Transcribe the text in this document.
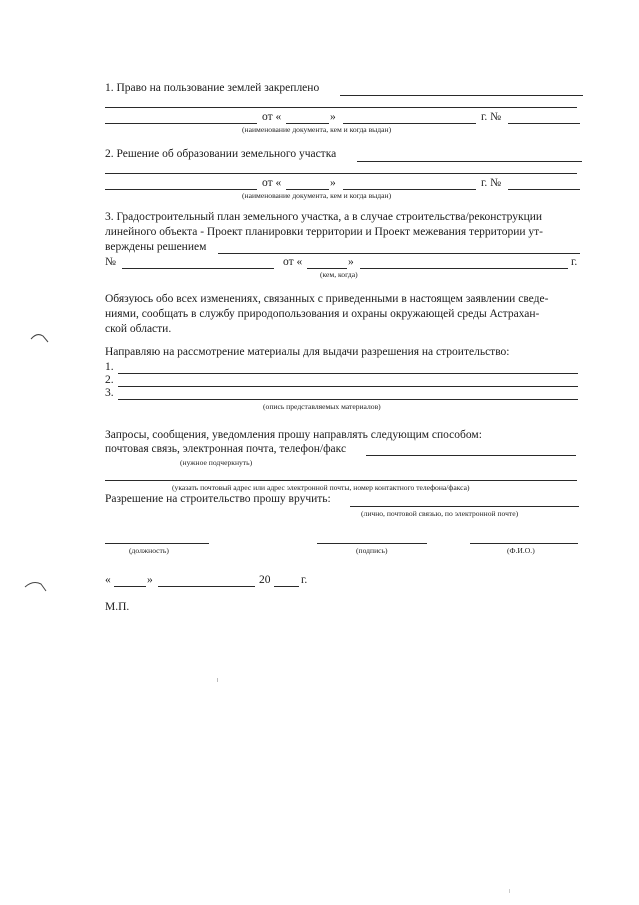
1. Право на пользование землей закреплено
от «	»	г. №
(наименование документа, кем и когда выдан)
2. Решение об образовании земельного участка
от «	»	г. №
(наименование документа, кем и когда выдан)
3. Градостроительный план земельного участка, а в случае строительства/реконструкции
линейного объекта - Проект планировки территории и Проект межевания территории ут-
верждены решением
№	от «	»	г.
(кем, когда)
Обязуюсь обо всех изменениях, связанных с приведенными в настоящем заявлении сведе-
ниями, сообщать в службу природопользования и охраны окружающей среды Астрахан-
ской области.
Направляю на рассмотрение материалы для выдачи разрешения на строительство:
1.
2.
3.
(опись представляемых материалов)
Запросы, сообщения, уведомления прошу направлять следующим способом:
почтовая связь, электронная почта, телефон/факс
(нужное подчеркнуть)
(указать почтовый адрес или адрес электронной почты, номер контактного телефона/факса)
Разрешение на строительство прошу вручить:
(лично, почтовой связью, по электронной почте)
(должность)	(подпись)	(Ф.И.О.)
«	»	20	г.
М.П.
